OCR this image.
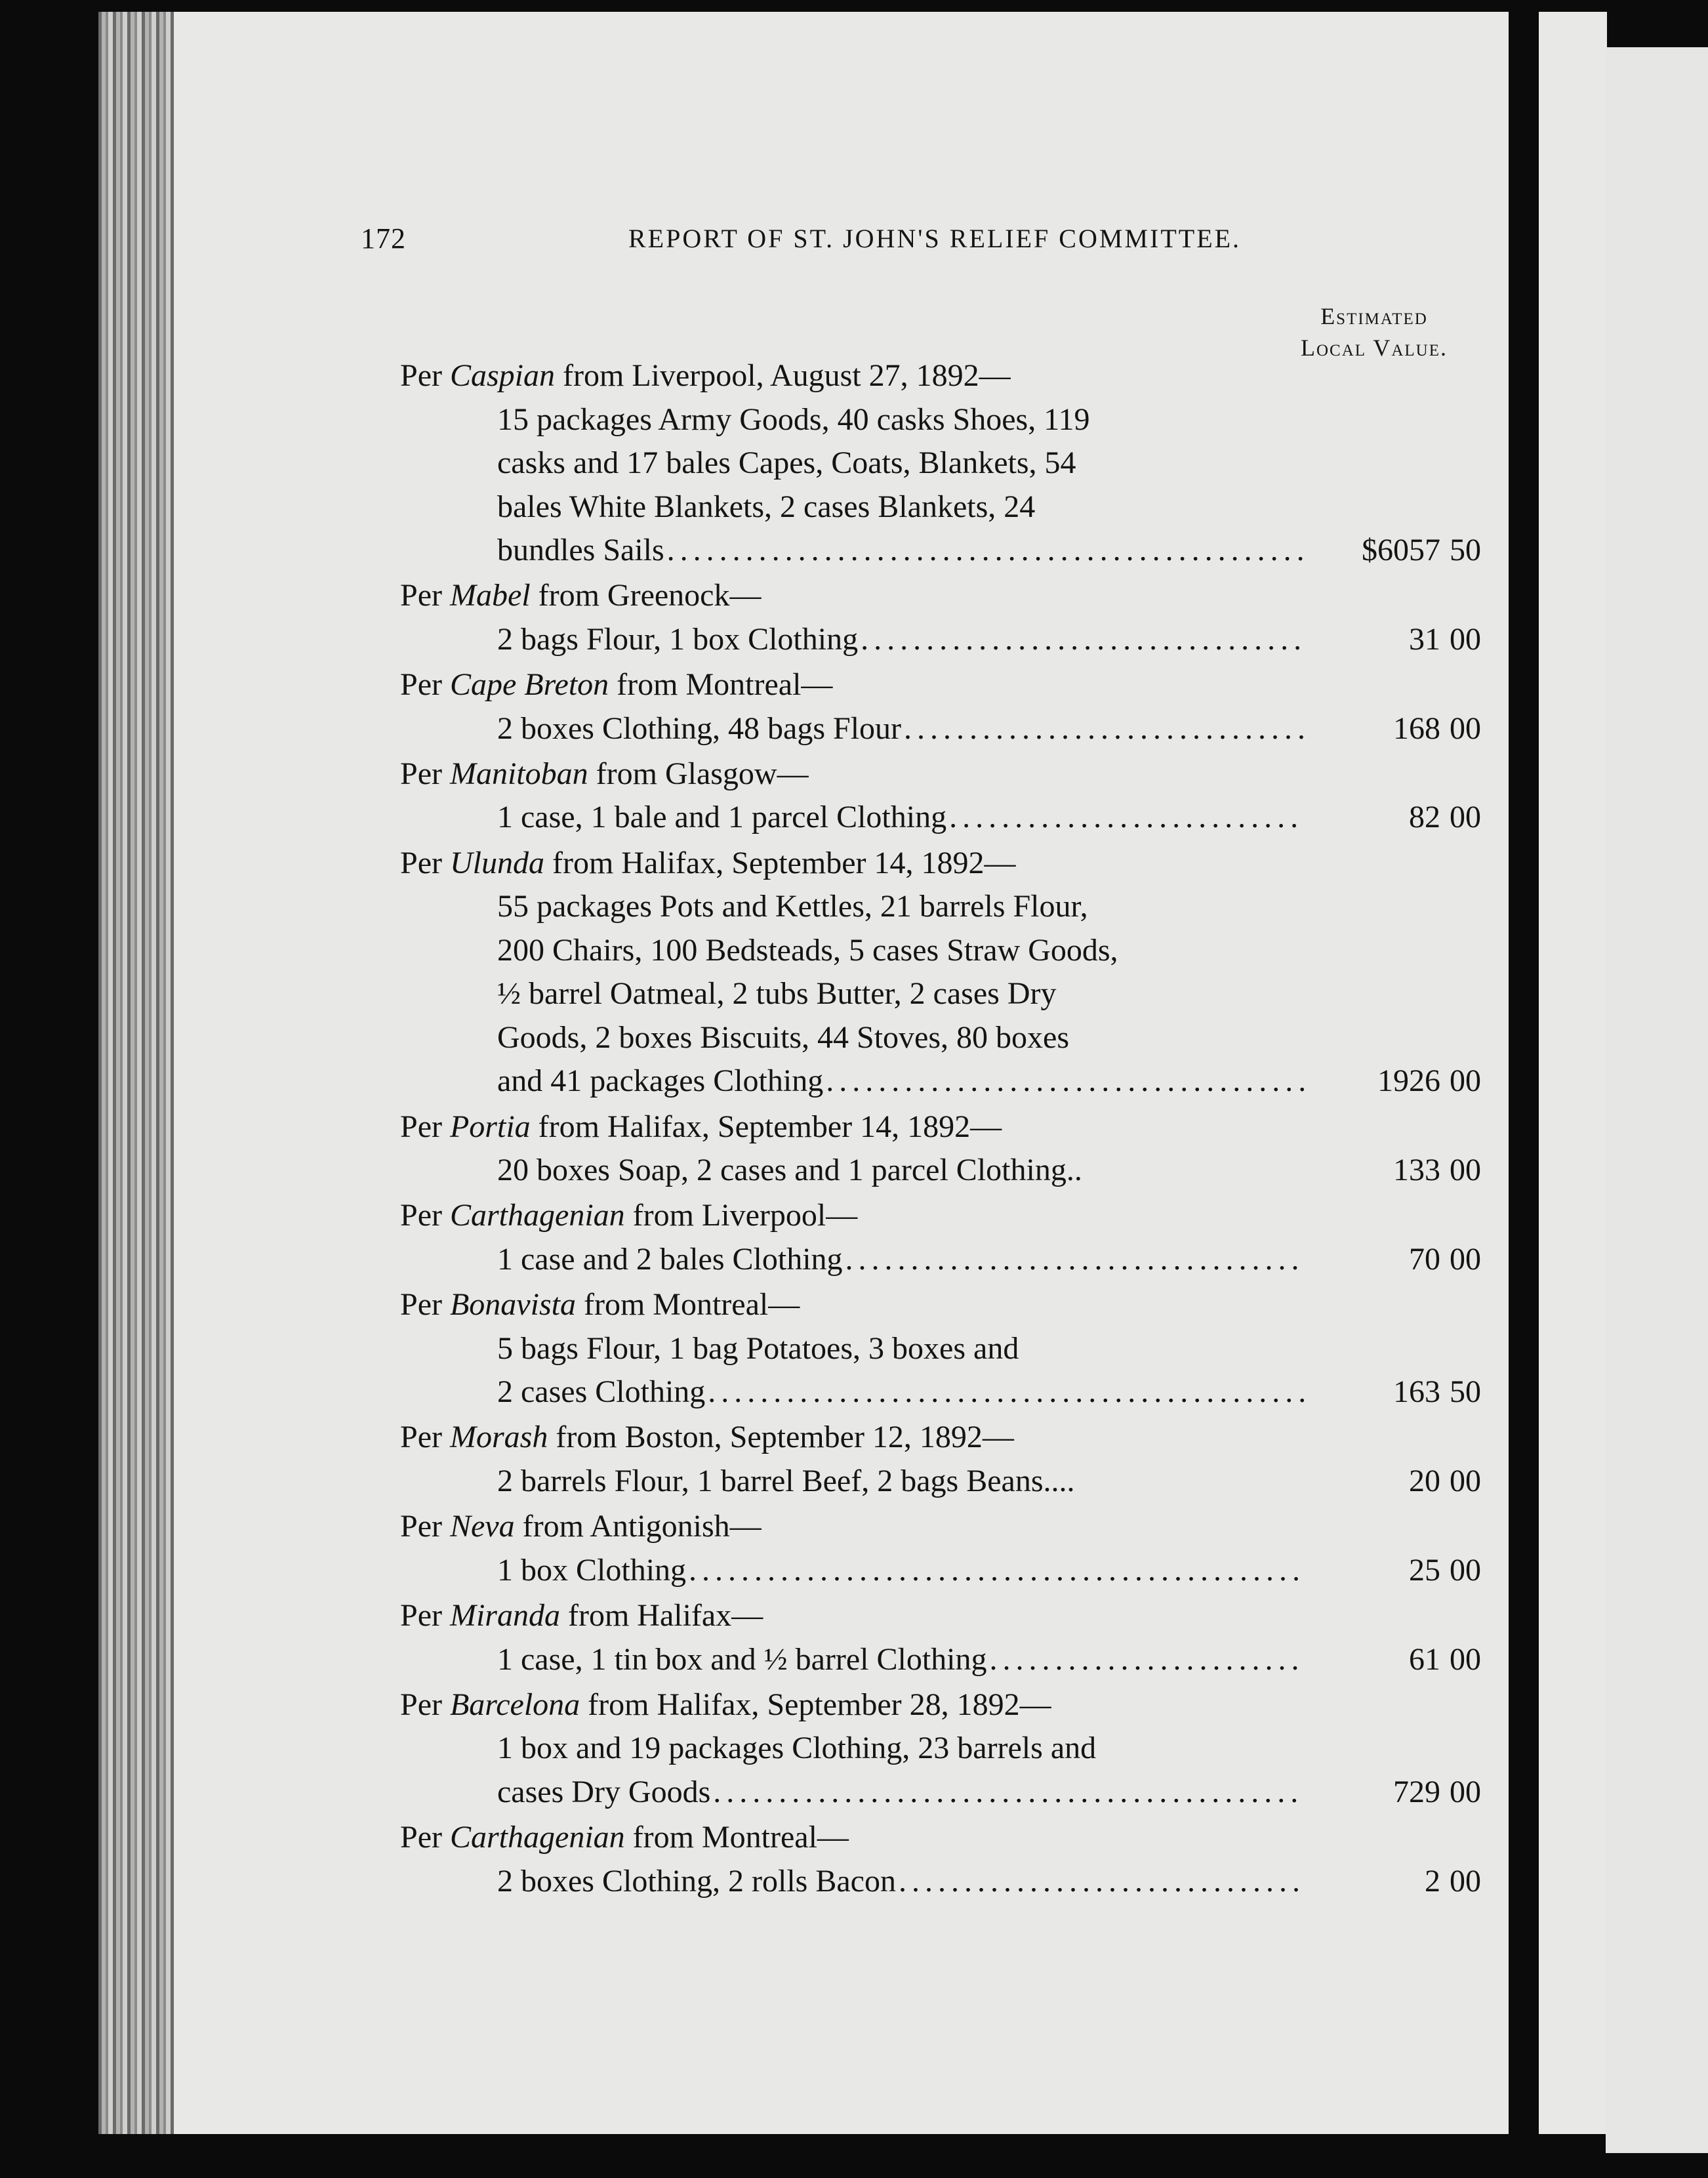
172	REPORT OF ST. JOHN'S RELIEF COMMITTEE.
Estimated
Local Value.
Per Caspian from Liverpool, August 27, 1892—
15 packages Army Goods, 40 casks Shoes, 119
casks and 17 bales Capes, Coats, Blankets, 54
bales White Blankets, 2 cases Blankets, 24
bundles Sails . . .	$6057 50
Per Mabel from Greenock—
2 bags Flour, 1 box Clothing . . .	31 00
Per Cape Breton from Montreal—
2 boxes Clothing, 48 bags Flour . . .	168 00
Per Manitoban from Glasgow—
1 case, 1 bale and 1 parcel Clothing . . .	82 00
Per Ulunda from Halifax, September 14, 1892—
55 packages Pots and Kettles, 21 barrels Flour,
200 Chairs, 100 Bedsteads, 5 cases Straw Goods,
½ barrel Oatmeal, 2 tubs Butter, 2 cases Dry
Goods, 2 boxes Biscuits, 44 Stoves, 80 boxes
and 41 packages Clothing . . .	1926 00
Per Portia from Halifax, September 14, 1892—
20 boxes Soap, 2 cases and 1 parcel Clothing..	133 00
Per Carthagenian from Liverpool—
1 case and 2 bales Clothing . . .	70 00
Per Bonavista from Montreal—
5 bags Flour, 1 bag Potatoes, 3 boxes and
2 cases Clothing . . .	163 50
Per Morash from Boston, September 12, 1892—
2 barrels Flour, 1 barrel Beef, 2 bags Beans....	20 00
Per Neva from Antigonish—
1 box Clothing . . .	25 00
Per Miranda from Halifax—
1 case, 1 tin box and ½ barrel Clothing . . .	61 00
Per Barcelona from Halifax, September 28, 1892—
1 box and 19 packages Clothing, 23 barrels and
cases Dry Goods . . .	729 00
Per Carthagenian from Montreal—
2 boxes Clothing, 2 rolls Bacon . . .	2 00
